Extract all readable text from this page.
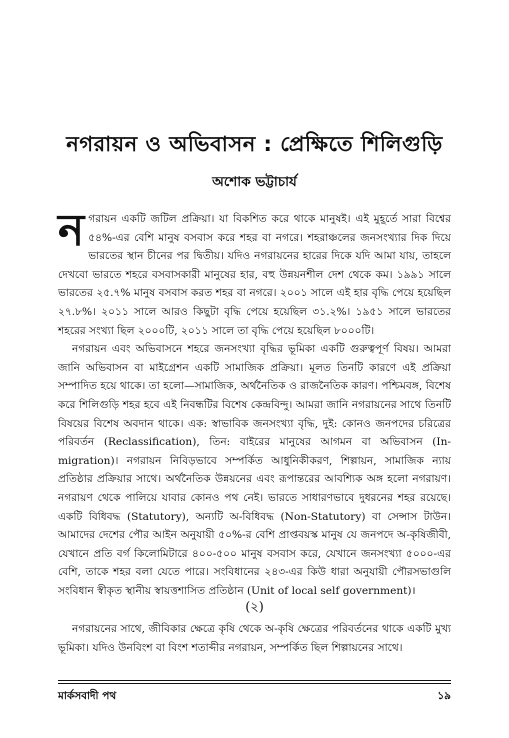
নগরায়ন ও অভিবাসন : প্রেক্ষিতে শিলিগুড়ি
অশোক ভট্টাচার্য

নগরায়ন একটি জটিল প্রক্রিয়া। যা বিকশিত করে থাকে মানুষই। এই মুহূর্তে সারা বিশ্বের ৫৪%-এর বেশি মানুষ বসবাস করে শহর বা নগরে। শহরাঞ্চলের জনসংখ্যার দিক দিয়ে ভারতের স্থান চীনের পর দ্বিতীয়। যদিও নগরায়নের হারের দিকে যদি আমা যায়, তাহলে দেখবো ভারতে শহরে বসবাসকারী মানুষের হার, বহু উন্নয়নশীল দেশ থেকে কম। ১৯৯১ সালে ভারতের ২৫.৭% মানুষ বসবাস করত শহর বা নগরে। ২০০১ সালে এই হার বৃদ্ধি পেয়ে হয়েছিল ২৭.৮%। ২০১১ সালে আরও কিছুটা বৃদ্ধি পেয়ে হয়েছিল ৩১.২%। ১৯৫১ সালে ভারতের শহরের সংখ্যা ছিল ২০০০টি, ২০১১ সালে তা বৃদ্ধি পেয়ে হয়েছিল ৮০০০টি।

নগরায়ন এবং অভিবাসনে শহরে জনসংখ্যা বৃদ্ধির ভূমিকা একটি গুরুত্বপূর্ণ বিষয়। আমরা জানি অভিবাসন বা মাইগ্রেশন একটি সামাজিক প্রক্রিয়া। মূলত তিনটি কারণে এই প্রক্রিয়া সম্পাদিত হয়ে থাকে। তা হলো—সামাজিক, অর্থনৈতিক ও রাজনৈতিক কারণ। পশ্চিমবঙ্গ, বিশেষ করে শিলিগুড়ি শহর হবে এই নিবন্ধটির বিশেষ কেন্দ্রবিন্দু। আমরা জানি নগরায়নের সাথে তিনটি বিষয়ের বিশেষ অবদান থাকে। এক: স্বাভাবিক জনসংখ্যা বৃদ্ধি, দুই: কোনও জনপদের চরিত্রের পরিবর্তন (Reclassification), তিন: বাইরের মানুষের আগমন বা অভিবাসন (In-migration)। নগরায়ন নিবিড়ভাবে সম্পর্কিত আধুনিকীকরণ, শিল্পায়ন, সামাজিক ন্যায় প্রতিষ্ঠার প্রক্রিয়ার সাথে। অর্থনৈতিক উন্নয়নের এবং রূপান্তরের আবশ্যিক অঙ্গ হলো নগরায়ণ। নগরায়ণ থেকে পালিয়ে যাবার কোনও পথ নেই। ভারতে সাধারণভাবে দুধরনের শহর রয়েছে। একটি বিধিবদ্ধ (Statutory), অন্যটি অ-বিধিবদ্ধ (Non-Statutory) বা সেন্সাস টাউন। আমাদের দেশের পৌর আইন অনুযায়ী ৫০%-র বেশি প্রাপ্তবয়স্ক মানুষ যে জনপদে অ-কৃষিজীবী, যেখানে প্রতি বর্গ কিলোমিটারে ৪০০-৫০০ মানুষ বসবাস করে, যেখানে জনসংখ্যা ৫০০০-এর বেশি, তাকে শহর বলা যেতে পারে। সংবিধানের ২৪৩-এর কিউ ধারা অনুযায়ী পৌরসভাগুলি সংবিধান স্বীকৃত স্থানীয় স্বায়ত্তশাসিত প্রতিষ্ঠান (Unit of local self government)।

(২)

নগরায়নের সাথে, জীবিকার ক্ষেত্রে কৃষি থেকে অ-কৃষি ক্ষেত্রের পরিবর্তনের থাকে একটি মুখ্য ভূমিকা। যদিও উনবিংশ বা বিংশ শতাব্দীর নগরায়ন, সম্পর্কিত ছিল শিল্পায়নের সাথে।

মার্কসবাদী পথ	১৯
